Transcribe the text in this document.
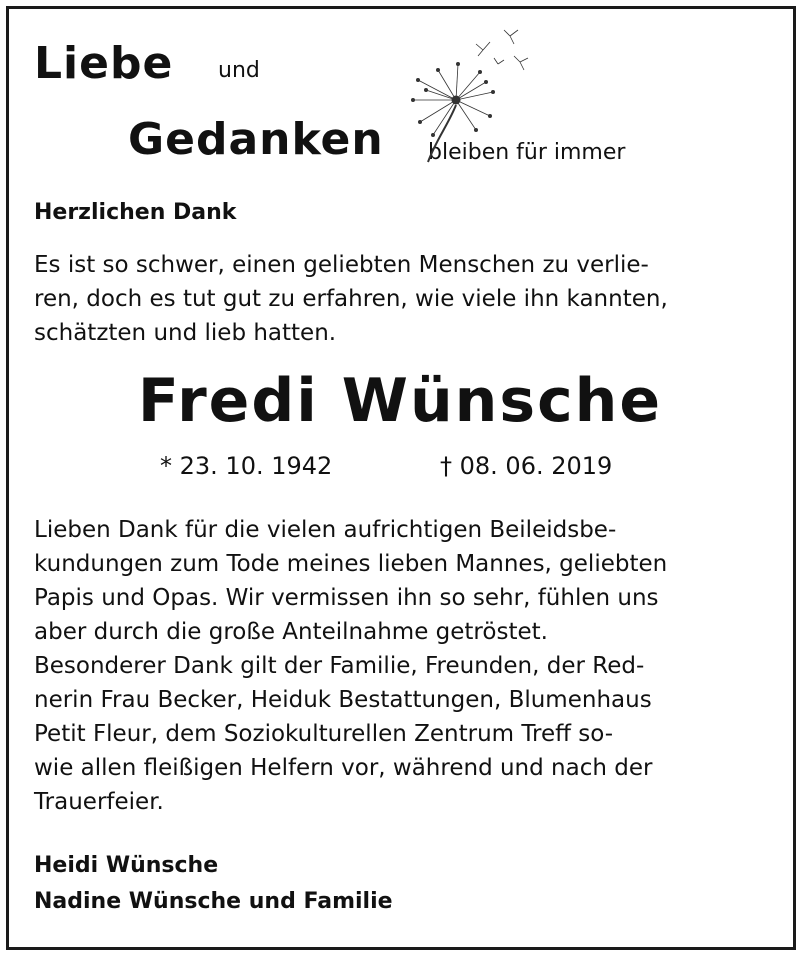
Liebe und
Gedanken bleiben für immer
Herzlichen Dank
Es ist so schwer, einen geliebten Menschen zu verlie-
ren, doch es tut gut zu erfahren, wie viele ihn kannten,
schätzten und lieb hatten.
Fredi Wünsche
* 23. 10. 1942	† 08. 06. 2019
Lieben Dank für die vielen aufrichtigen Beileidsbe-
kundungen zum Tode meines lieben Mannes, geliebten
Papis und Opas. Wir vermissen ihn so sehr, fühlen uns
aber durch die große Anteilnahme getröstet.
Besonderer Dank gilt der Familie, Freunden, der Red-
nerin Frau Becker, Heiduk Bestattungen, Blumenhaus
Petit Fleur, dem Soziokulturellen Zentrum Treff so-
wie allen fleißigen Helfern vor, während und nach der
Trauerfeier.
Heidi Wünsche
Nadine Wünsche und Familie
